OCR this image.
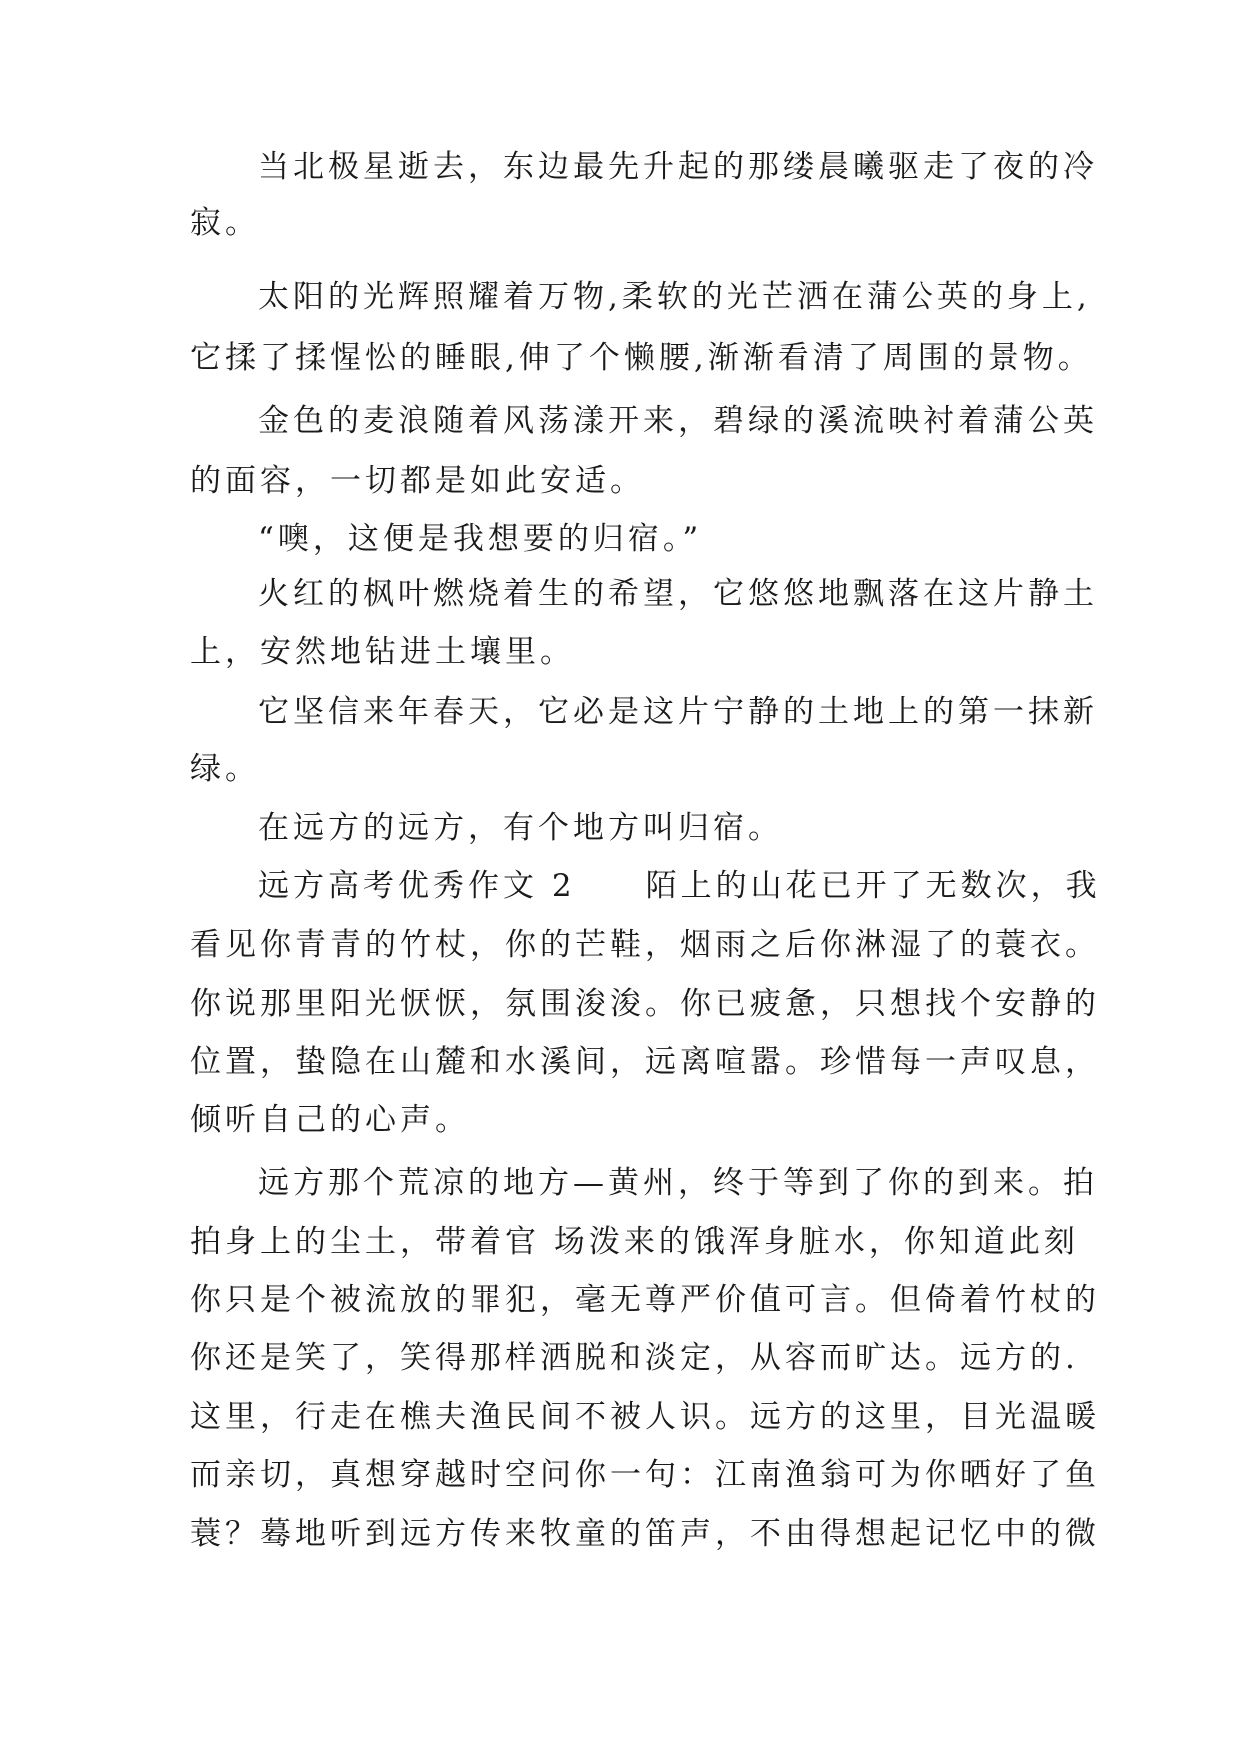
当北极星逝去，东边最先升起的那缕晨曦驱走了夜的冷
寂。
太阳的光辉照耀着万物,柔软的光芒洒在蒲公英的身上,
它揉了揉惺忪的睡眼,伸了个懒腰,渐渐看清了周围的景物。
金色的麦浪随着风荡漾开来，碧绿的溪流映衬着蒲公英
的面容，一切都是如此安适。
“噢，这便是我想要的归宿。”
火红的枫叶燃烧着生的希望，它悠悠地飘落在这片静土
上，安然地钻进土壤里。
它坚信来年春天，它必是这片宁静的土地上的第一抹新
绿。
在远方的远方，有个地方叫归宿。
远方高考优秀作文 2　　陌上的山花已开了无数次，我
看见你青青的竹杖，你的芒鞋，烟雨之后你淋湿了的蓑衣。
你说那里阳光恹恹，氛围浚浚。你已疲惫，只想找个安静的
位置，蛰隐在山麓和水溪间，远离喧嚣。珍惜每一声叹息，
倾听自己的心声。
远方那个荒凉的地方—黄州，终于等到了你的到来。拍
拍身上的尘土，带着官 场泼来的饿浑身脏水，你知道此刻
你只是个被流放的罪犯，毫无尊严价值可言。但倚着竹杖的
你还是笑了，笑得那样洒脱和淡定，从容而旷达。远方的.
这里，行走在樵夫渔民间不被人识。远方的这里，目光温暖
而亲切，真想穿越时空问你一句：江南渔翁可为你晒好了鱼
蓑？蓦地听到远方传来牧童的笛声，不由得想起记忆中的微
